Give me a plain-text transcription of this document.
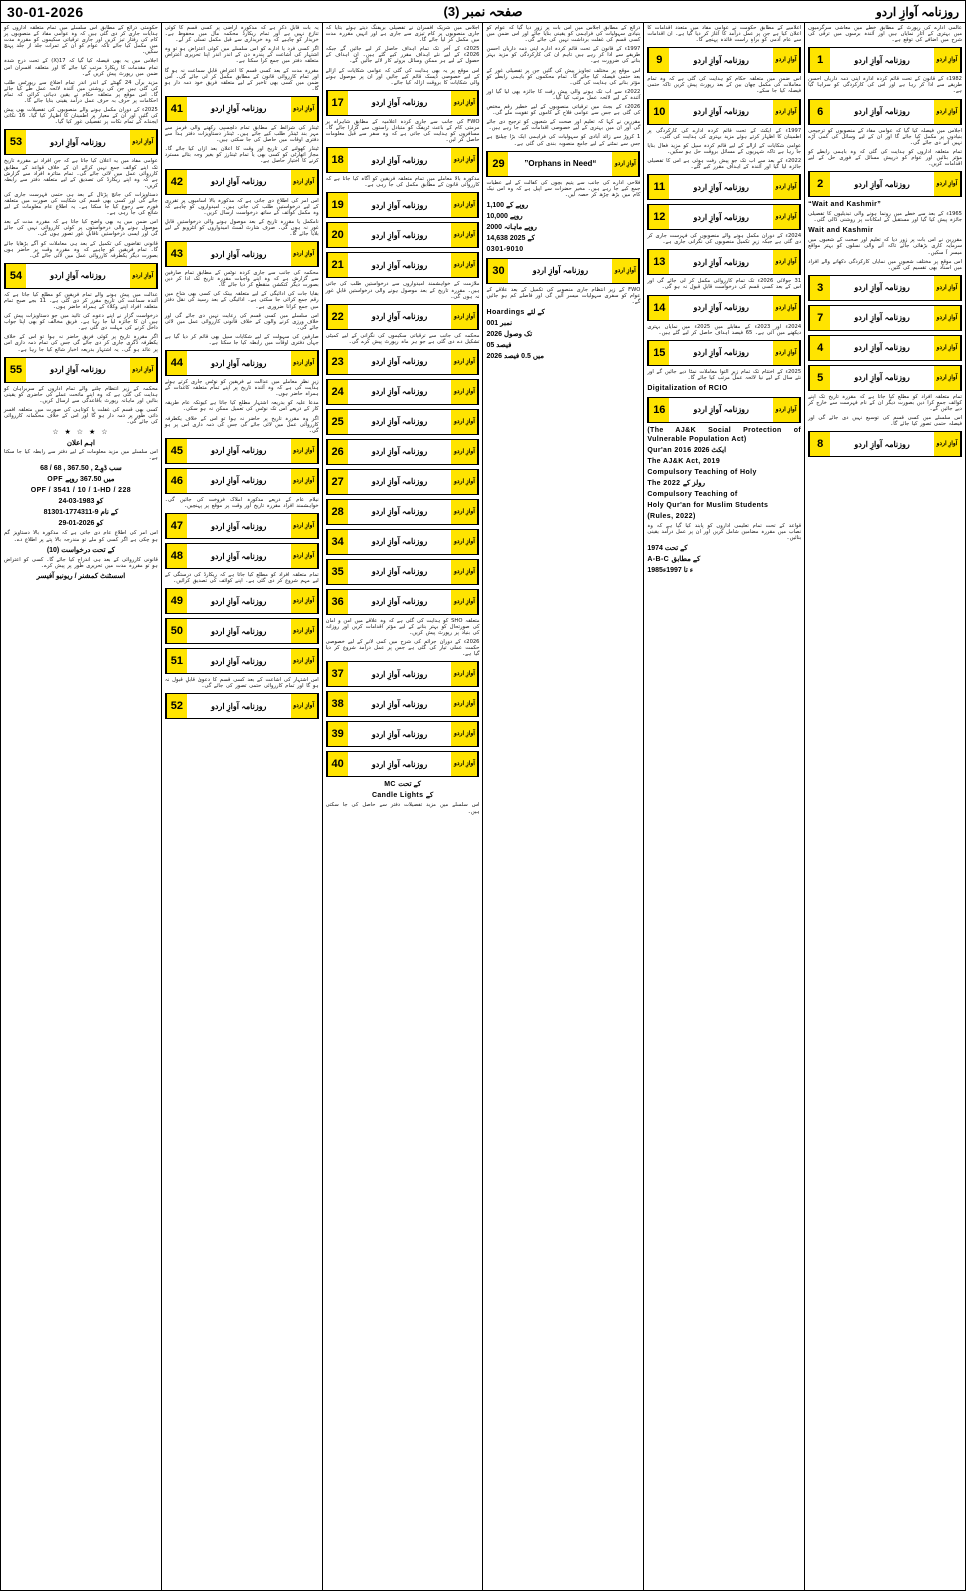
30-01-2026	صفحہ نمبر (3)	روزنامہ آوازِ اردو

حکومتی ذرائع کے مطابق اس سلسلے میں تمام متعلقہ اداروں کو ہدایات جاری کر دی گئی ہیں کہ وہ عوامی مفاد کے منصوبوں پر کام کی رفتار تیز کریں اور جاری ترقیاتی سکیموں کو مقررہ مدت میں مکمل کیا جائے تاکہ عوام کو ان کے ثمرات جلد از جلد پہنچ سکیں۔

اجلاس میں یہ بھی فیصلہ کیا گیا کہ 17(X) کے تحت درج شدہ تمام مقدمات کا ریکارڈ مرتب کیا جائے گا اور متعلقہ افسران اس ضمن میں رپورٹ پیش کریں گے۔

مزید برآں 24 گھنٹے کے اندر اندر تمام اضلاع سے رپورٹس طلب کی گئی ہیں جن کی روشنی میں آئندہ لائحہ عمل طے کیا جائے گا۔ اس موقع پر متعلقہ حکام نے یقین دہانی کرائی کہ تمام احکامات پر حرف بہ حرف عمل درآمد یقینی بنایا جائے گا۔

2025ء کے دوران مکمل ہونے والے منصوبوں کی تفصیلات بھی پیش کی گئیں اور ان کے معیار پر اطمینان کا اظہار کیا گیا۔ 16 نکاتی ایجنڈے کے تمام نکات پر تفصیلی غور کیا گیا۔

53	روزنامہ آوازِ اردو	آوازِ اردو

عوامی مفاد میں یہ اعلان کیا جاتا ہے کہ جن افراد نے مقررہ تاریخ تک اپنے کوائف جمع نہیں کرائے ان کے خلاف قواعد کے مطابق کارروائی عمل میں لائی جائے گی۔ تمام متاثرہ افراد سے گزارش ہے کہ وہ اپنے ریکارڈ کی تصدیق کے لیے متعلقہ دفتر سے رابطہ کریں۔

دستاویزات کی جانچ پڑتال کے بعد ہی حتمی فہرست جاری کی جائے گی اور کسی بھی قسم کی شکایت کی صورت میں متعلقہ فورم سے رجوع کیا جا سکتا ہے۔ یہ اطلاع عام معلومات کے لیے شائع کی جا رہی ہے۔

اس ضمن میں یہ بھی واضح کیا جاتا ہے کہ مقررہ مدت کے بعد موصول ہونے والی درخواستوں پر کوئی کارروائی نہیں کی جائے گی اور ایسی درخواستیں ناقابلِ غور تصور ہوں گی۔

قانونی تقاضوں کی تکمیل کے بعد ہی معاملات کو آگے بڑھایا جائے گا۔ تمام فریقین کو چاہیے کہ وہ مقررہ وقت پر حاضر ہوں بصورت دیگر یکطرفہ کارروائی عمل میں لائی جائے گی۔

54	روزنامہ آوازِ اردو	آوازِ اردو

عدالت میں پیش ہونے والے تمام فریقین کو مطلع کیا جاتا ہے کہ آئندہ سماعت کی تاریخ مقرر کر دی گئی ہے۔ 11 بجے صبح تمام متعلقہ افراد اپنے وکلاء کے ہمراہ حاضر ہوں۔

درخواست گزار نے اپنے دعوے کی تائید میں جو دستاویزات پیش کی ہیں ان کا جائزہ لیا جا رہا ہے۔ فریق مخالف کو بھی اپنا جواب داخل کرنے کی مہلت دی گئی ہے۔

اگر مقررہ تاریخ پر کوئی فریق حاضر نہ ہوا تو اس کے خلاف یکطرفہ ڈگری جاری کر دی جائے گی جس کی تمام ذمہ داری اس پر عائد ہو گی۔ یہ اشتہار بذریعہ اخبار شائع کیا جا رہا ہے۔

55	روزنامہ آوازِ اردو	آوازِ اردو

محکمہ کے زیر انتظام چلنے والے تمام اداروں کے سربراہان کو ہدایت کی گئی ہے کہ وہ اپنے ماتحت عملے کی حاضری کو یقینی بنائیں اور ماہانہ رپورٹ باقاعدگی سے ارسال کریں۔

کسی بھی قسم کی غفلت یا کوتاہی کی صورت میں متعلقہ افسر ذاتی طور پر ذمہ دار ہو گا اور اس کے خلاف محکمانہ کارروائی کی جائے گی۔

☆ ★ ☆ ★ ☆
اہم اعلان

اس سلسلے میں مزید معلومات کے لیے دفتر سے رابطہ کیا جا سکتا ہے۔

68 / 68 , سب ڈوِـ2 , 367.50
OPF میں 367.50 روپے
OPF / 3541 / 10 / 1-HD / 228
24-03-1983 کو
81301-1774311-9 کے نام
29-01-2026 کو

اس امر کی اطلاع عام دی جاتی ہے کہ مذکورہ بالا دستاویز گم ہو چکی ہے اگر کسی کو ملے تو مندرجہ بالا پتے پر اطلاع دے۔

(10) کے تحت درخواست

قانونی کارروائی کے بعد ہی اندراج کیا جائے گا۔ کسی کو اعتراض ہو تو مقررہ مدت میں تحریری طور پر پیش کرے۔

اسسٹنٹ کمشنر / ریونیو آفیسر

یہ بات قابلِ ذکر ہے کہ مذکورہ اراضی پر کسی قسم کا کوئی تنازع نہیں ہے اور تمام ریکارڈ محکمہ مال میں محفوظ ہے۔ خریدار کو چاہیے کہ وہ خریداری سے قبل مکمل تسلی کر لے۔

اگر کسی فرد یا ادارے کو اس سلسلے میں کوئی اعتراض ہو تو وہ اشتہار کی اشاعت کے پندرہ دن کے اندر اندر اپنا تحریری اعتراض متعلقہ دفتر میں جمع کرا سکتا ہے۔

مقررہ مدت کے بعد کسی قسم کا اعتراض قابلِ سماعت نہ ہو گا اور تمام کارروائی قانون کے مطابق مکمل کر لی جائے گی۔ اس ضمن میں کسی بھی تاخیر کے لیے متعلقہ فریق خود ذمہ دار ہو گا۔

41	روزنامہ آوازِ اردو	آوازِ اردو

ٹینڈر کی شرائط کے مطابق تمام دلچسپی رکھنے والی فرمز سے مہر بند ٹینڈر طلب کیے جاتے ہیں۔ ٹینڈر دستاویزات دفتر ہذا سے دفتری اوقات میں حاصل کی جا سکتی ہیں۔

ٹینڈر کھولنے کی تاریخ اور وقت کا اعلان بعد ازاں کیا جائے گا۔ مجاز اتھارٹی کو کسی بھی یا تمام ٹینڈرز کو بغیر وجہ بتائے مسترد کرنے کا اختیار حاصل ہے۔

42	روزنامہ آوازِ اردو	آوازِ اردو

اس امر کی اطلاع دی جاتی ہے کہ مذکورہ بالا اسامیوں پر تقرری کے لیے درخواستیں طلب کی جاتی ہیں۔ امیدواروں کو چاہیے کہ وہ مکمل کوائف کے ساتھ درخواست ارسال کریں۔

نامکمل یا مقررہ تاریخ کے بعد موصول ہونے والی درخواستیں قابلِ غور نہ ہوں گی۔ صرف شارٹ لسٹ امیدواروں کو انٹرویو کے لیے بلایا جائے گا۔

43	روزنامہ آوازِ اردو	آوازِ اردو

محکمہ کی جانب سے جاری کردہ نوٹس کے مطابق تمام صارفین سے گزارش ہے کہ وہ اپنے واجبات مقررہ تاریخ تک ادا کر دیں بصورت دیگر کنکشن منقطع کر دیا جائے گا۔

بقایا جات کی ادائیگی کے لیے متعلقہ بینک کی کسی بھی شاخ میں رقم جمع کرائی جا سکتی ہے۔ ادائیگی کے بعد رسید کی نقل دفتر میں جمع کرانا ضروری ہے۔

اس سلسلے میں کسی قسم کی رعایت نہیں دی جائے گی اور خلاف ورزی کرنے والوں کے خلاف قانونی کارروائی عمل میں لائی جائے گی۔

صارفین کی سہولت کے لیے شکایات سیل بھی قائم کر دیا گیا ہے جہاں دفتری اوقات میں رابطہ کیا جا سکتا ہے۔

44	روزنامہ آوازِ اردو	آوازِ اردو

زیرِ نظر معاملے میں عدالت نے فریقین کو نوٹس جاری کرتے ہوئے ہدایت کی ہے کہ وہ آئندہ تاریخ پر اپنے تمام متعلقہ کاغذات کے ہمراہ حاضر ہوں۔

مدعا علیہ کو بذریعہ اشتہار مطلع کیا جاتا ہے کیونکہ عام طریقہ کار کے ذریعے اس تک نوٹس کی تعمیل ممکن نہ ہو سکی۔

اگر وہ مقررہ تاریخ پر حاضر نہ ہوا تو اس کے خلاف یکطرفہ کارروائی عمل میں لائی جائے گی جس کی ذمہ داری اس پر ہو گی۔

45	روزنامہ آوازِ اردو	آوازِ اردو
46	روزنامہ آوازِ اردو	آوازِ اردو

نیلام عام کے ذریعے مذکورہ املاک فروخت کی جائیں گی۔ خواہشمند افراد مقررہ تاریخ اور وقت پر موقع پر پہنچیں۔

47	روزنامہ آوازِ اردو	آوازِ اردو
48	روزنامہ آوازِ اردو	آوازِ اردو

تمام متعلقہ افراد کو مطلع کیا جاتا ہے کہ ریکارڈ کی درستگی کے لیے مہم شروع کر دی گئی ہے۔ اپنے کوائف کی تصدیق کرائیں۔

49	روزنامہ آوازِ اردو	آوازِ اردو
50	روزنامہ آوازِ اردو	آوازِ اردو
51	روزنامہ آوازِ اردو	آوازِ اردو

اس اشتہار کی اشاعت کے بعد کسی قسم کا دعویٰ قابلِ قبول نہ ہو گا اور تمام کارروائی حتمی تصور کی جائے گی۔

52	روزنامہ آوازِ اردو	آوازِ اردو

اجلاس میں شریک افسران نے تفصیلی بریفنگ دیتے ہوئے بتایا کہ جاری منصوبوں پر کام تیزی سے جاری ہے اور انہیں مقررہ مدت میں مکمل کر لیا جائے گا۔

2025ء کے آخر تک تمام اہداف حاصل کر لیے جائیں گے جبکہ 2026ء کے لیے نئے اہداف مقرر کیے گئے ہیں۔ ان اہداف کے حصول کے لیے ہر ممکن وسائل بروئے کار لائے جائیں گے۔

اس موقع پر یہ بھی ہدایت کی گئی کہ عوامی شکایات کے ازالے کے لیے خصوصی ڈیسک قائم کیے جائیں اور ان پر موصول ہونے والی شکایات کا بروقت ازالہ کیا جائے۔

17	روزنامہ آوازِ اردو	آوازِ اردو

FWO کی جانب سے جاری کردہ اعلامیہ کے مطابق شاہراہ پر مرمتی کام کے باعث ٹریفک کو متبادل راستوں سے گزارا جائے گا۔ مسافروں کو ہدایت کی جاتی ہے کہ وہ سفر سے قبل معلومات حاصل کر لیں۔

18	روزنامہ آوازِ اردو	آوازِ اردو

مذکورہ بالا معاملے میں تمام متعلقہ فریقین کو آگاہ کیا جاتا ہے کہ کارروائی قانون کے مطابق مکمل کی جا رہی ہے۔

19	روزنامہ آوازِ اردو	آوازِ اردو
20	روزنامہ آوازِ اردو	آوازِ اردو
21	روزنامہ آوازِ اردو	آوازِ اردو

ملازمت کے خواہشمند امیدواروں سے درخواستیں طلب کی جاتی ہیں۔ مقررہ تاریخ کے بعد موصول ہونے والی درخواستیں قابلِ غور نہ ہوں گی۔

22	روزنامہ آوازِ اردو	آوازِ اردو

محکمہ کی جانب سے ترقیاتی سکیموں کی نگرانی کے لیے کمیٹی تشکیل دے دی گئی ہے جو ہر ماہ رپورٹ پیش کرے گی۔

23	روزنامہ آوازِ اردو	آوازِ اردو
24	روزنامہ آوازِ اردو	آوازِ اردو
25	روزنامہ آوازِ اردو	آوازِ اردو
26	روزنامہ آوازِ اردو	آوازِ اردو
27	روزنامہ آوازِ اردو	آوازِ اردو
28	روزنامہ آوازِ اردو	آوازِ اردو
34	روزنامہ آوازِ اردو	آوازِ اردو
35	روزنامہ آوازِ اردو	آوازِ اردو
36	روزنامہ آوازِ اردو	آوازِ اردو

متعلقہ SHO کو ہدایت کی گئی ہے کہ وہ علاقے میں امن و امان کی صورتحال کو بہتر بنانے کے لیے مؤثر اقدامات کریں اور روزانہ کی بنیاد پر رپورٹ پیش کریں۔

2026ء کے دوران جرائم کی شرح میں کمی لانے کے لیے خصوصی حکمت عملی تیار کی گئی ہے جس پر عمل درآمد شروع کر دیا گیا ہے۔

37	روزنامہ آوازِ اردو	آوازِ اردو
38	روزنامہ آوازِ اردو	آوازِ اردو
39	روزنامہ آوازِ اردو	آوازِ اردو
40	روزنامہ آوازِ اردو	آوازِ اردو
MC کے تحت
Candle Lights کے

اس سلسلے میں مزید تفصیلات دفتر سے حاصل کی جا سکتی ہیں۔

ذرائع کے مطابق اجلاس میں اس بات پر زور دیا گیا کہ عوام کو بنیادی سہولیات کی فراہمی کو یقینی بنایا جائے اور اس ضمن میں کسی قسم کی غفلت برداشت نہیں کی جائے گی۔

1997ء کے قانون کے تحت قائم کردہ ادارے اپنی ذمہ داریاں احسن طریقے سے ادا کر رہے ہیں تاہم ان کی کارکردگی کو مزید بہتر بنانے کی ضرورت ہے۔

اس موقع پر مختلف تجاویز پیش کی گئیں جن پر تفصیلی غور کے بعد حتمی فیصلہ کیا جائے گا۔ تمام محکموں کو باہمی رابطے کو مؤثر بنانے کی ہدایت کی گئی۔

2022ء سے اب تک ہونے والی پیش رفت کا جائزہ بھی لیا گیا اور آئندہ کے لیے لائحہ عمل مرتب کیا گیا۔

2026ء کے بجٹ میں ترقیاتی منصوبوں کے لیے خطیر رقم مختص کی گئی ہے جس سے عوامی فلاح کے کاموں کو تقویت ملے گی۔

مقررین نے کہا کہ تعلیم اور صحت کے شعبوں کو ترجیح دی جائے گی اور ان میں بہتری کے لیے خصوصی اقدامات کیے جا رہے ہیں۔

1 کروڑ سے زائد آبادی کو سہولیات کی فراہمی ایک بڑا چیلنج ہے جس سے نمٹنے کے لیے جامع منصوبہ بندی کی گئی ہے۔

29	“Orphans in Need”	آوازِ اردو

فلاحی ادارے کی جانب سے یتیم بچوں کی کفالت کے لیے عطیات جمع کیے جا رہے ہیں۔ مخیر حضرات سے اپیل ہے کہ وہ اس نیک کام میں بڑھ چڑھ کر حصہ لیں۔

1,100 روپے کے
10,000 روپے
2000 روپے ماہانہ
14,638 کے 2025
0301-9010
30	روزنامہ آوازِ اردو	آوازِ اردو

FWO کے زیر انتظام جاری منصوبے کی تکمیل کے بعد علاقے کے عوام کو سفری سہولیات میسر آئیں گی اور فاصلے کم ہو جائیں گے۔

Hoardings کے لئے
001 نمبر
2026 تک وصول
05 فیصد
2026 میں 0.5 فیصد

اعلامیے کے مطابق حکومت نے عوامی مفاد میں متعدد اقدامات کا اعلان کیا ہے جن پر عمل درآمد کا آغاز کر دیا گیا ہے۔ ان اقدامات سے عام آدمی کو براہِ راست فائدہ پہنچے گا۔

9	روزنامہ آوازِ اردو	آوازِ اردو

اس ضمن میں متعلقہ حکام کو ہدایت کی گئی ہے کہ وہ تمام معاملات کی مکمل چھان بین کے بعد رپورٹ پیش کریں تاکہ حتمی فیصلہ کیا جا سکے۔

10	روزنامہ آوازِ اردو	آوازِ اردو

1997ء کے ایکٹ کے تحت قائم کردہ ادارے کی کارکردگی پر اطمینان کا اظہار کرتے ہوئے مزید بہتری کی ہدایت کی گئی۔

عوامی شکایات کے ازالے کے لیے قائم کردہ سیل کو مزید فعال بنایا جا رہا ہے تاکہ شہریوں کے مسائل بروقت حل ہو سکیں۔

2022ء کے بعد سے اب تک جو پیش رفت ہوئی ہے اس کا تفصیلی جائزہ لیا گیا اور آئندہ کے اہداف مقرر کیے گئے۔

11	روزنامہ آوازِ اردو	آوازِ اردو
12	روزنامہ آوازِ اردو	آوازِ اردو

2024ء کے دوران مکمل ہونے والے منصوبوں کی فہرست جاری کر دی گئی ہے جبکہ زیرِ تکمیل منصوبوں کی نگرانی جاری ہے۔

13	روزنامہ آوازِ اردو	آوازِ اردو

31 جولائی 2026ء تک تمام کارروائی مکمل کر لی جائے گی اور اس کے بعد کسی قسم کی درخواست قابلِ قبول نہ ہو گی۔

14	روزنامہ آوازِ اردو	آوازِ اردو

2024ء اور 2023ء کے مقابلے میں 2025ء میں نمایاں بہتری دیکھنے میں آئی ہے۔ 65 فیصد اہداف حاصل کر لیے گئے ہیں۔

15	روزنامہ آوازِ اردو	آوازِ اردو

2025ء کے اختتام تک تمام زیرِ التوا معاملات نمٹا دیے جائیں گے اور نئے سال کے لیے نیا لائحہ عمل مرتب کیا جائے گا۔

Digitalization of RCIO
16	روزنامہ آوازِ اردو	آوازِ اردو
(The AJ&K Social Protection of Vulnerable Population Act)
Qur'an 2016 ایکٹ 2026
The AJ&K Act, 2019
Compulsory Teaching of Holy
The 2022 رولز کے
Compulsory Teaching of
Holy Qur'an for Muslim Students
(Rules, 2022)

قواعد کے تحت تمام تعلیمی اداروں کو پابند کیا گیا ہے کہ وہ نصاب میں مقررہ مضامین شامل کریں اور ان پر عمل درآمد یقینی بنائیں۔

1974 کے تحت
A-B-C کے مطابق
1985ء تا 1997ء

عالمی ادارے کی رپورٹ کے مطابق خطے میں معاشی سرگرمیوں میں بہتری کے آثار نمایاں ہیں اور آئندہ برسوں میں ترقی کی شرح میں اضافے کی توقع ہے۔

1	روزنامہ آوازِ اردو	آوازِ اردو

1982ء کے قانون کے تحت قائم کردہ ادارہ اپنی ذمہ داریاں احسن طریقے سے ادا کر رہا ہے اور اس کی کارکردگی کو سراہا گیا ہے۔

6	روزنامہ آوازِ اردو	آوازِ اردو

اجلاس میں فیصلہ کیا گیا کہ عوامی مفاد کے منصوبوں کو ترجیحی بنیادوں پر مکمل کیا جائے گا اور ان کے لیے وسائل کی کمی آڑے نہیں آنے دی جائے گی۔

تمام متعلقہ اداروں کو ہدایت کی گئی کہ وہ باہمی رابطے کو مؤثر بنائیں اور عوام کو درپیش مسائل کے فوری حل کے لیے اقدامات کریں۔

2	روزنامہ آوازِ اردو	آوازِ اردو
“Wait and Kashmir”

1965ء کے بعد سے خطے میں رونما ہونے والی تبدیلیوں کا تفصیلی جائزہ پیش کیا گیا اور مستقبل کے امکانات پر روشنی ڈالی گئی۔

Wait and Kashmir

مقررین نے اس بات پر زور دیا کہ تعلیم اور صحت کے شعبوں میں سرمایہ کاری بڑھائی جائے تاکہ آنے والی نسلوں کو بہتر مواقع میسر آ سکیں۔

اس موقع پر مختلف شعبوں میں نمایاں کارکردگی دکھانے والے افراد میں اسناد بھی تقسیم کی گئیں۔

3	روزنامہ آوازِ اردو	آوازِ اردو
7	روزنامہ آوازِ اردو	آوازِ اردو
4	روزنامہ آوازِ اردو	آوازِ اردو
5	روزنامہ آوازِ اردو	آوازِ اردو

تمام متعلقہ افراد کو مطلع کیا جاتا ہے کہ مقررہ تاریخ تک اپنے کوائف جمع کرا دیں بصورت دیگر ان کے نام فہرست سے خارج کر دیے جائیں گے۔

اس سلسلے میں کسی قسم کی توسیع نہیں دی جائے گی اور فیصلہ حتمی تصور کیا جائے گا۔

8	روزنامہ آوازِ اردو	آوازِ اردو
